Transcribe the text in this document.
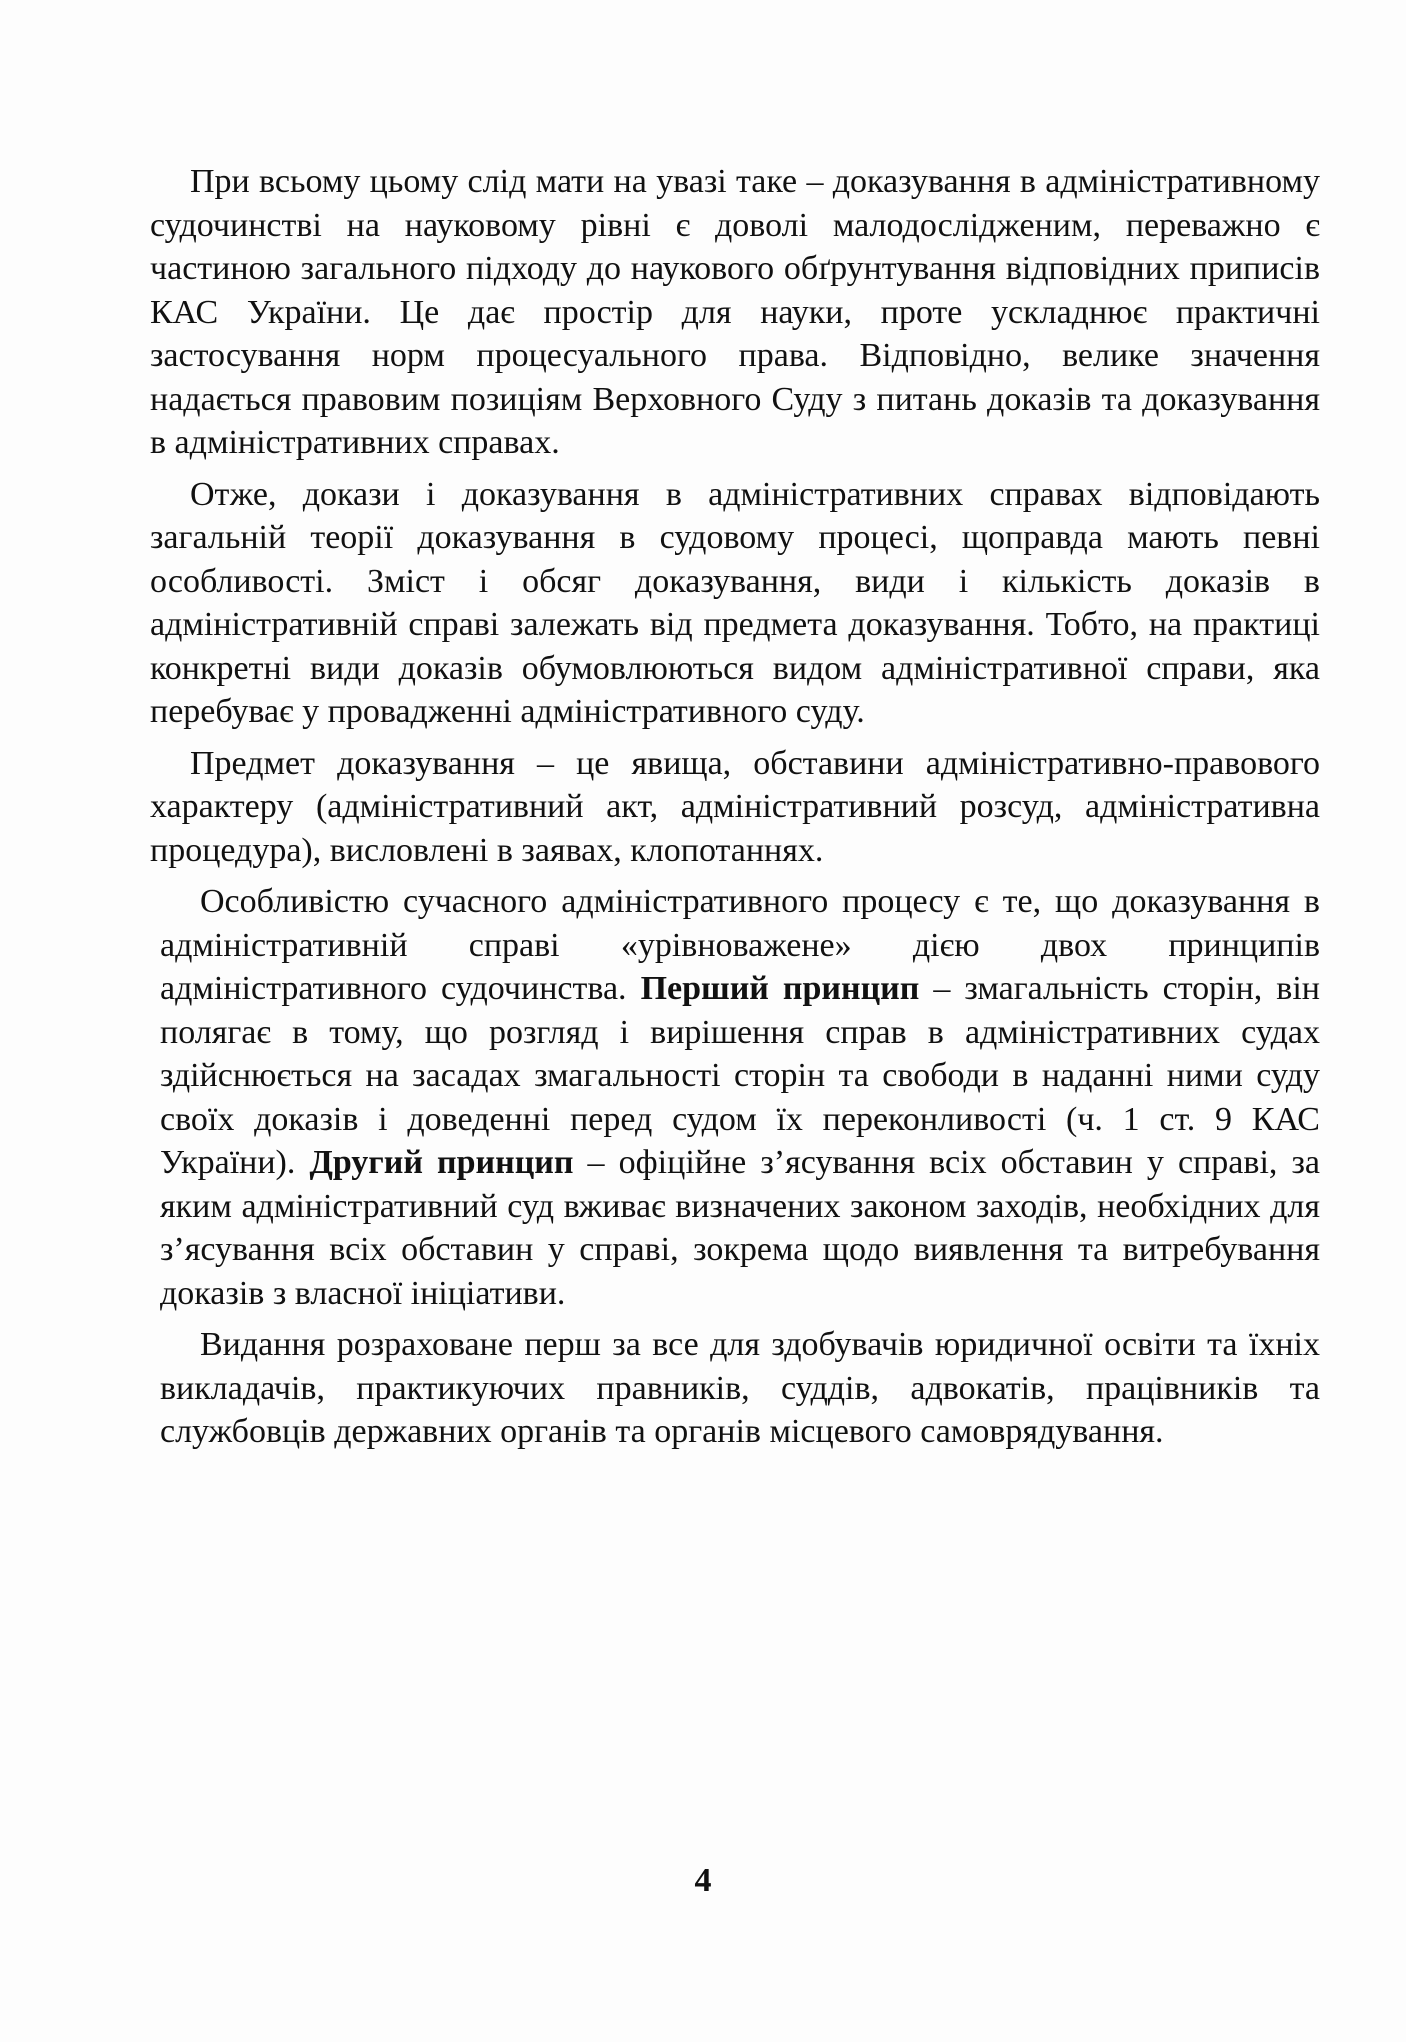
При всьому цьому слід мати на увазі таке – доказування в адміністративному судочинстві на науковому рівні є доволі малодослідженим, переважно є частиною загального підходу до наукового обґрунтування відповідних приписів КАС України. Це дає простір для науки, проте ускладнює практичні застосування норм процесуального права. Відповідно, велике значення надається правовим позиціям Верховного Суду з питань доказів та доказування в адміністративних справах.

Отже, докази і доказування в адміністративних справах відповідають загальній теорії доказування в судовому процесі, щоправда мають певні особливості. Зміст і обсяг доказування, види і кількість доказів в адміністративній справі залежать від предмета доказування. Тобто, на практиці конкретні види доказів обумовлюються видом адміністративної справи, яка перебуває у провадженні адміністративного суду.

Предмет доказування – це явища, обставини адміністративно-правового характеру (адміністративний акт, адміністративний розсуд, адміністративна процедура), висловлені в заявах, клопотаннях.

Особливістю сучасного адміністративного процесу є те, що доказування в адміністративній справі «урівноважене» дією двох принципів адміністративного судочинства. Перший принцип – змагальність сторін, він полягає в тому, що розгляд і вирішення справ в адміністративних судах здійснюється на засадах змагальності сторін та свободи в наданні ними суду своїх доказів і доведенні перед судом їх переконливості (ч. 1 ст. 9 КАС України). Другий принцип – офіційне з’ясування всіх обставин у справі, за яким адміністративний суд вживає визначених законом заходів, необхідних для з’ясування всіх обставин у справі, зокрема щодо виявлення та витребування доказів з власної ініціативи.

Видання розраховане перш за все для здобувачів юридичної освіти та їхніх викладачів, практикуючих правників, суддів, адвокатів, працівників та службовців державних органів та органів місцевого самоврядування.

4
